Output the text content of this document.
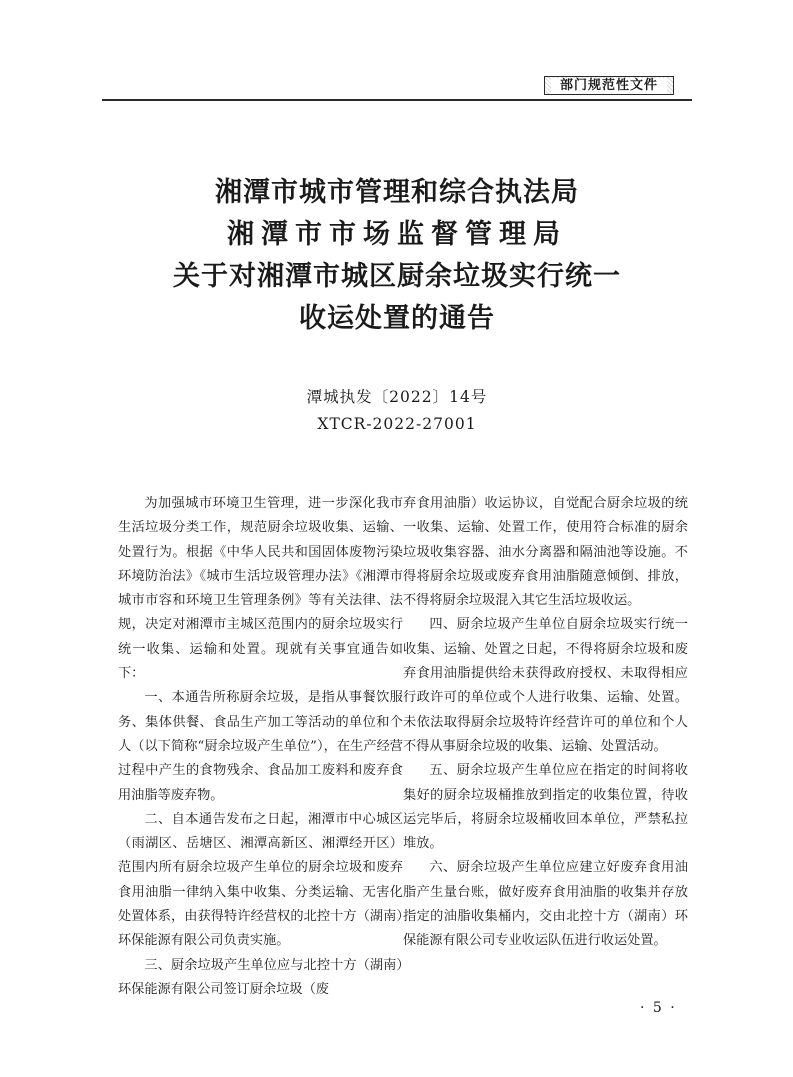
部门规范性文件
湘潭市城市管理和综合执法局
湘潭市市场监督管理局
关于对湘潭市城区厨余垃圾实行统一
收运处置的通告
潭城执发〔2022〕14号
XTCR-2022-27001

为加强城市环境卫生管理，进一步深化我市生活垃圾分类工作，规范厨余垃圾收集、运输、处置行为。根据《中华人民共和国固体废物污染环境防治法》《城市生活垃圾管理办法》《湘潭市城市市容和环境卫生管理条例》等有关法律、法规，决定对湘潭市主城区范围内的厨余垃圾实行统一收集、运输和处置。现就有关事宜通告如下：

一、本通告所称厨余垃圾，是指从事餐饮服务、集体供餐、食品生产加工等活动的单位和个人（以下简称“厨余垃圾产生单位”），在生产经营过程中产生的食物残余、食品加工废料和废弃食用油脂等废弃物。

二、自本通告发布之日起，湘潭市中心城区（雨湖区、岳塘区、湘潭高新区、湘潭经开区）范围内所有厨余垃圾产生单位的厨余垃圾和废弃食用油脂一律纳入集中收集、分类运输、无害化处置体系，由获得特许经营权的北控十方（湖南）环保能源有限公司负责实施。

三、厨余垃圾产生单位应与北控十方（湖南）环保能源有限公司签订厨余垃圾（废

弃食用油脂）收运协议，自觉配合厨余垃圾的统一收集、运输、处置工作，使用符合标准的厨余垃圾收集容器、油水分离器和隔油池等设施。不得将厨余垃圾或废弃食用油脂随意倾倒、排放，不得将厨余垃圾混入其它生活垃圾收运。

四、厨余垃圾产生单位自厨余垃圾实行统一收集、运输、处置之日起，不得将厨余垃圾和废弃食用油脂提供给未获得政府授权、未取得相应行政许可的单位或个人进行收集、运输、处置。未依法取得厨余垃圾特许经营许可的单位和个人不得从事厨余垃圾的收集、运输、处置活动。

五、厨余垃圾产生单位应在指定的时间将收集好的厨余垃圾桶推放到指定的收集位置，待收运完毕后，将厨余垃圾桶收回本单位，严禁私拉堆放。

六、厨余垃圾产生单位应建立好废弃食用油脂产生量台账，做好废弃食用油脂的收集并存放指定的油脂收集桶内，交由北控十方（湖南）环保能源有限公司专业收运队伍进行收运处置。

· 5 ·
